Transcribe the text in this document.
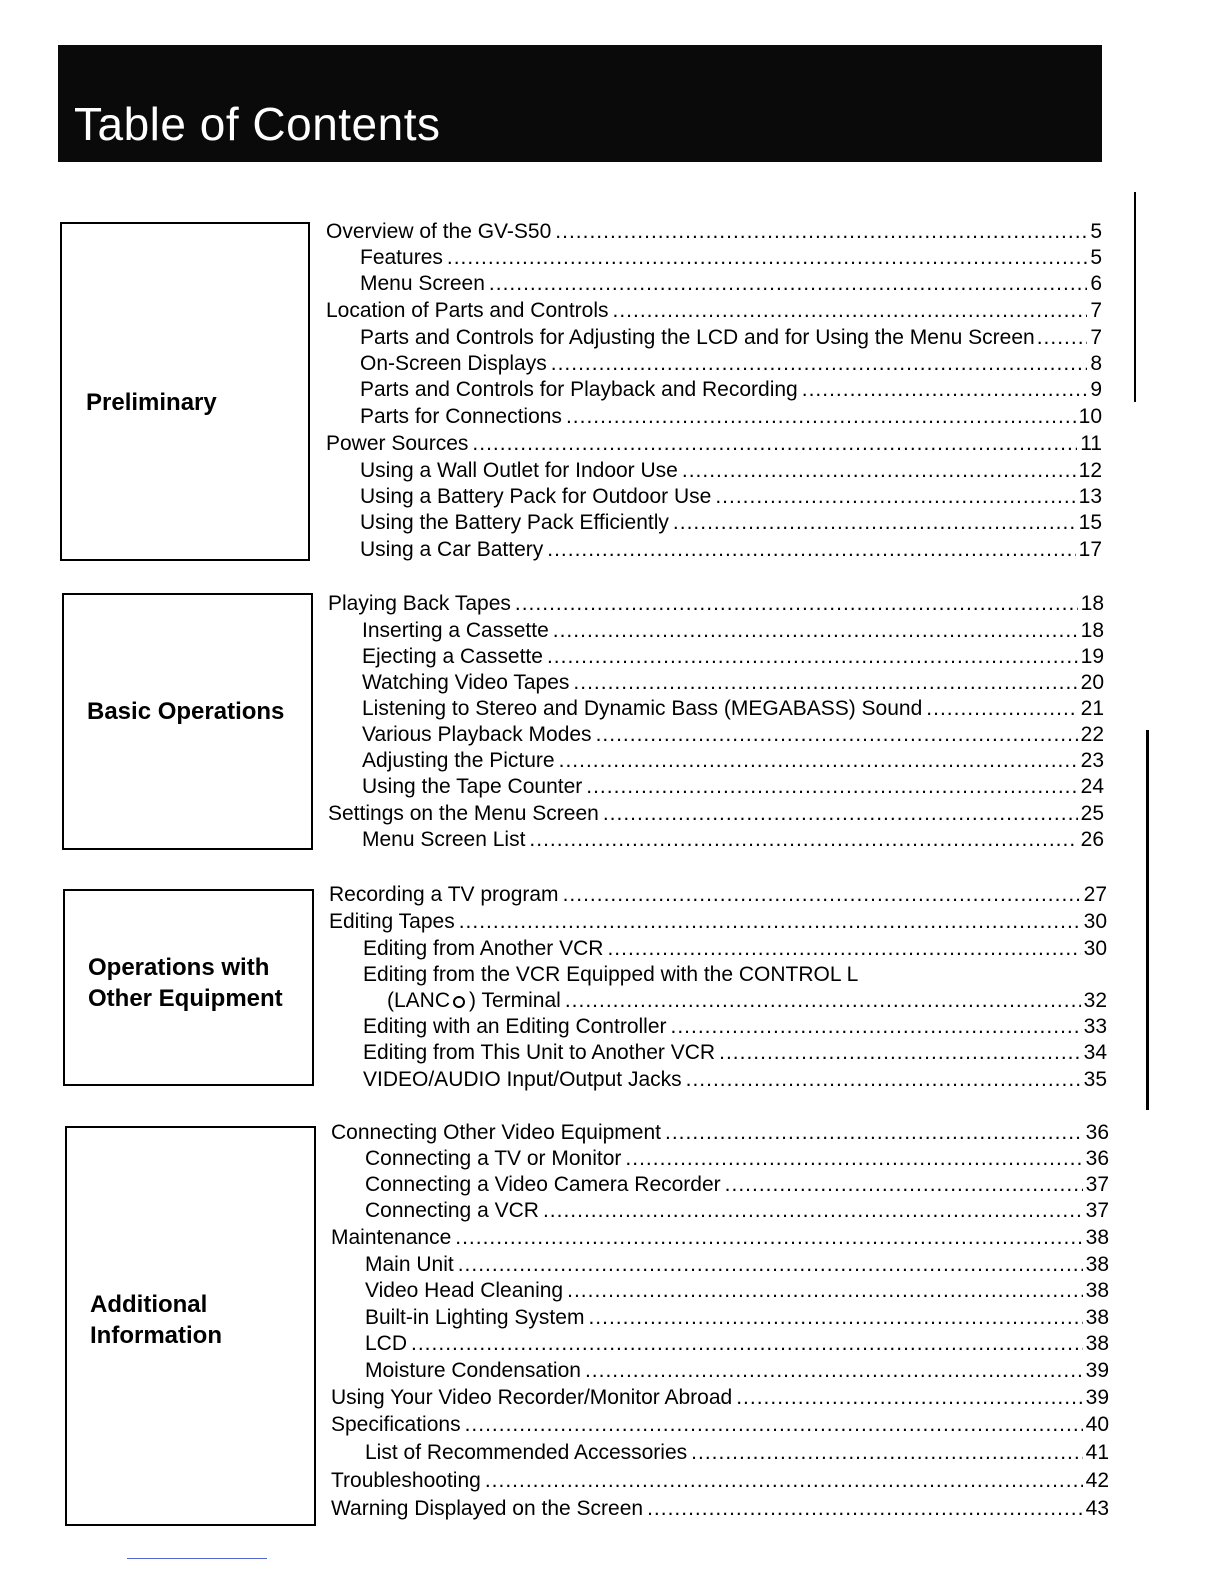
Table of Contents
Preliminary
Overview of the GV-S50 .....	5
Features .....	5
Menu Screen .....	6
Location of Parts and Controls .....	7
Parts and Controls for Adjusting the LCD and for Using the Menu Screen .....	7
On-Screen Displays .....	8
Parts and Controls for Playback and Recording .....	9
Parts for Connections .....	10
Power Sources .....	11
Using a Wall Outlet for Indoor Use .....	12
Using a Battery Pack for Outdoor Use .....	13
Using the Battery Pack Efficiently .....	15
Using a Car Battery .....	17
Basic Operations
Playing Back Tapes .....	18
Inserting a Cassette .....	18
Ejecting a Cassette .....	19
Watching Video Tapes .....	20
Listening to Stereo and Dynamic Bass (MEGABASS) Sound .....	21
Various Playback Modes .....	22
Adjusting the Picture .....	23
Using the Tape Counter .....	24
Settings on the Menu Screen .....	25
Menu Screen List .....	26
Operations with
Other Equipment
Recording a TV program .....	27
Editing Tapes .....	30
Editing from Another VCR .....	30
Editing from the VCR Equipped with the CONTROL L
(LANC ) Terminal .....	32
Editing with an Editing Controller .....	33
Editing from This Unit to Another VCR .....	34
VIDEO/AUDIO Input/Output Jacks .....	35
Additional
Information
Connecting Other Video Equipment .....	36
Connecting a TV or Monitor .....	36
Connecting a Video Camera Recorder .....	37
Connecting a VCR .....	37
Maintenance .....	38
Main Unit .....	38
Video Head Cleaning .....	38
Built-in Lighting System .....	38
LCD .....	38
Moisture Condensation .....	39
Using Your Video Recorder/Monitor Abroad .....	39
Specifications .....	40
List of Recommended Accessories .....	41
Troubleshooting .....	42
Warning Displayed on the Screen .....	43
